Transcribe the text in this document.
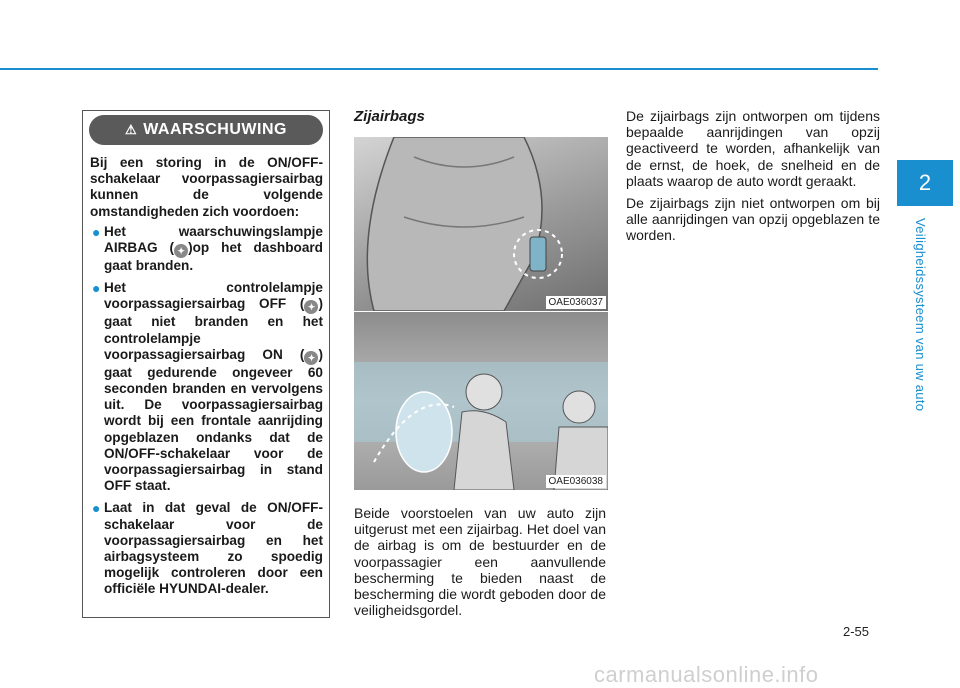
2
Veiligheidssysteem van uw auto
⚠ WAARSCHUWING

Bij een storing in de ON/OFF-schakelaar voorpassagiersairbag kunnen de volgende omstandigheden zich voordoen:

● Het waarschuwingslampje AIRBAG ( ✦ )op het dashboard gaat branden.
● Het controlelampje voorpassagiersairbag OFF ( ✦ ) gaat niet branden en het controlelampje voorpassagiersairbag ON ( ✦ ) gaat gedurende ongeveer 60 seconden branden en vervolgens uit. De voorpassagiersairbag wordt bij een frontale aanrijding opgeblazen ondanks dat de ON/OFF-schakelaar voor de voorpassagiersairbag in stand OFF staat.
● Laat in dat geval de ON/OFF-schakelaar voor de voorpassagiersairbag en het airbagsysteem zo spoedig mogelijk controleren door een officiële HYUNDAI-dealer.
Zijairbags
OAE036037
OAE036038

Beide voorstoelen van uw auto zijn uitgerust met een zijairbag. Het doel van de airbag is om de bestuurder en de voorpassagier een aanvullende bescherming te bieden naast de bescherming die wordt geboden door de veiligheidsgordel.

De zijairbags zijn ontworpen om tijdens bepaalde aanrijdingen van opzij geactiveerd te worden, afhankelijk van de ernst, de hoek, de snelheid en de plaats waarop de auto wordt geraakt.

De zijairbags zijn niet ontworpen om bij alle aanrijdingen van opzij opgeblazen te worden.

2-55
carmanualsonline.info
